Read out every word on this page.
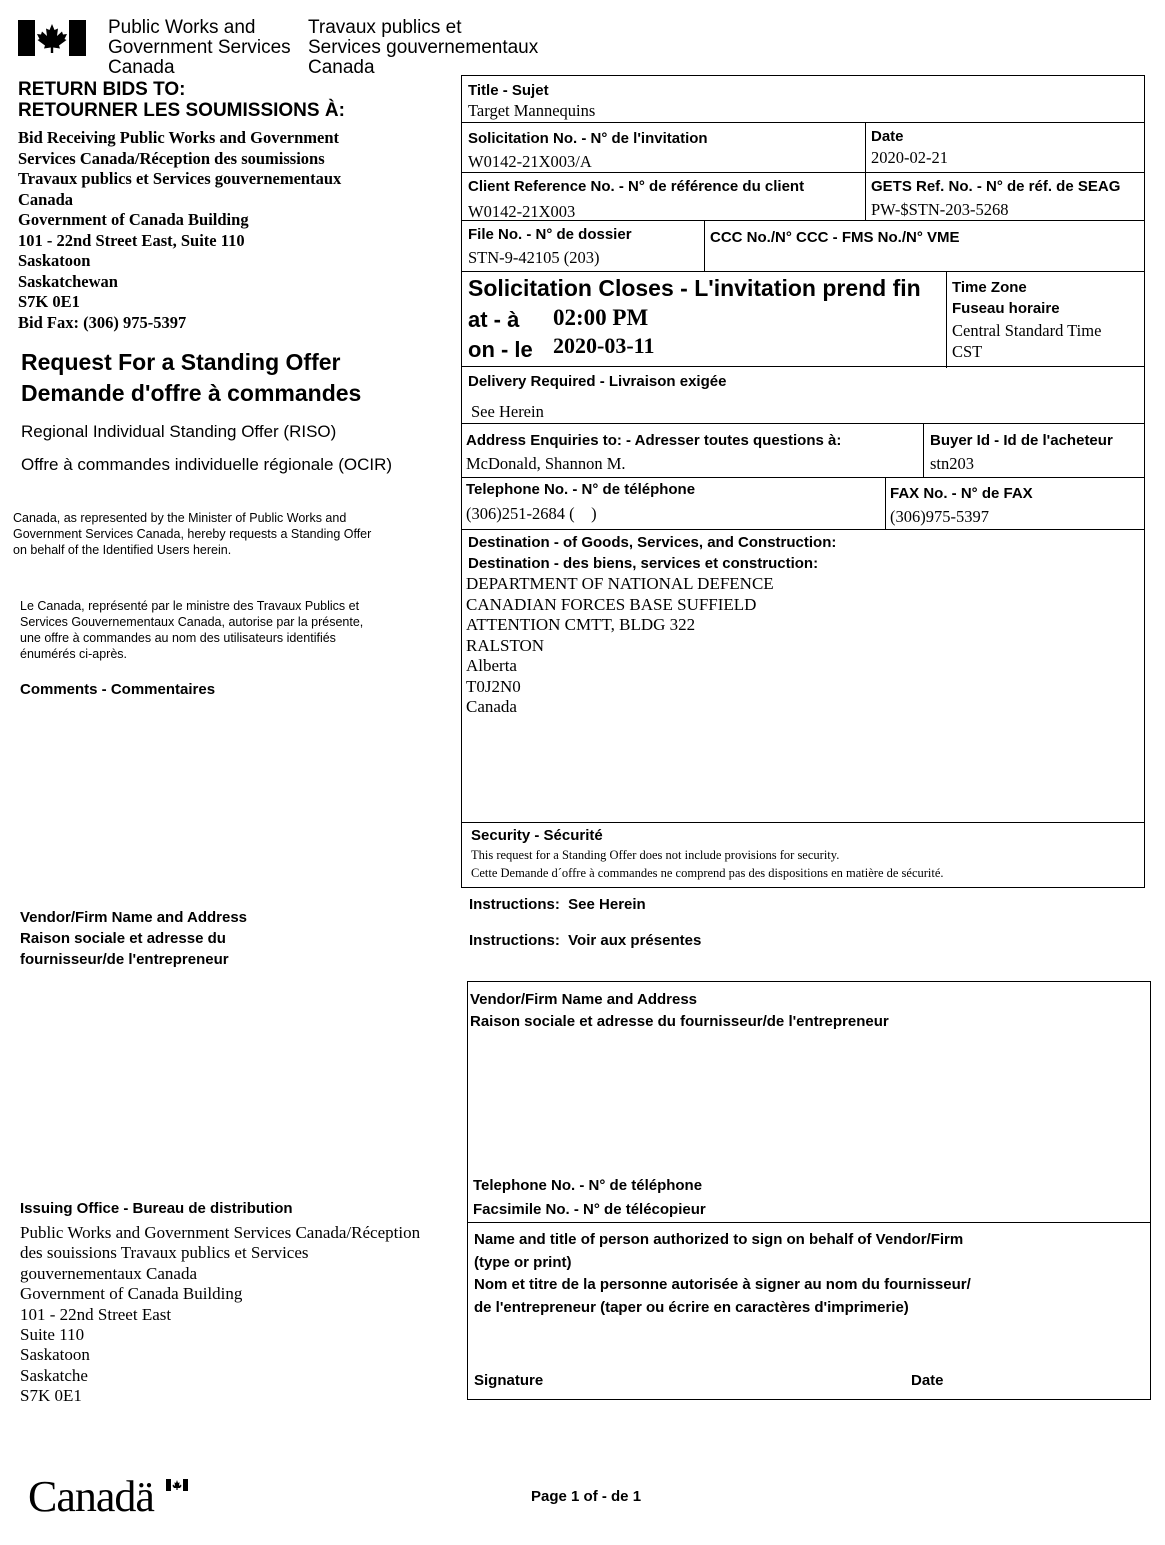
Public Works and
Government Services
Canada
Travaux publics et
Services gouvernementaux
Canada
RETURN BIDS TO:
RETOURNER LES SOUMISSIONS À:
Bid Receiving Public Works and Government
Services Canada/Réception des soumissions
Travaux publics et Services gouvernementaux
Canada
Government of Canada Building
101 - 22nd Street East, Suite 110
Saskatoon
Saskatchewan
S7K 0E1
Bid Fax: (306) 975-5397
Request For a Standing Offer
Demande d'offre à commandes
Regional Individual Standing Offer (RISO)
Offre à commandes individuelle régionale (OCIR)
Canada, as represented by the Minister of Public Works and
Government Services Canada, hereby requests a Standing Offer
on behalf of the Identified Users herein.
Le Canada, représenté par le ministre des Travaux Publics et
Services Gouvernementaux Canada, autorise par la présente,
une offre à commandes au nom des utilisateurs identifiés
énumérés ci-après.
Comments - Commentaires
Vendor/Firm Name and Address
Raison sociale et adresse du
fournisseur/de l'entrepreneur
Issuing Office - Bureau de distribution
Public Works and Government Services Canada/Réception
des souissions Travaux publics et Services
gouvernementaux Canada
Government of Canada Building
101 - 22nd Street East
Suite 110
Saskatoon
Saskatche
S7K 0E1
Title - Sujet
Target Mannequins
Solicitation No. - N° de l'invitation
W0142-21X003/A
Date
2020-02-21
Client Reference No. - N° de référence du client
W0142-21X003
GETS Ref. No. - N° de réf. de SEAG
PW-$STN-203-5268
File No. - N° de dossier
STN-9-42105 (203)
CCC No./N° CCC - FMS No./N° VME
Solicitation Closes - L'invitation prend fin
at - à 02:00 PM
on - le 2020-03-11
Time Zone
Fuseau horaire
Central Standard Time
CST
Delivery Required - Livraison exigée
See Herein
Address Enquiries to: - Adresser toutes questions à:
McDonald, Shannon M.
Buyer Id - Id de l'acheteur
stn203
Telephone No. - N° de téléphone
(306)251-2684 (    )
FAX No. - N° de FAX
(306)975-5397
Destination - of Goods, Services, and Construction:
Destination - des biens, services et construction:
DEPARTMENT OF NATIONAL DEFENCE
CANADIAN FORCES BASE SUFFIELD
ATTENTION CMTT, BLDG 322
RALSTON
Alberta
T0J2N0
Canada
Security - Sécurité
This request for a Standing Offer does not include provisions for security.
Cette Demande d´offre à commandes ne comprend pas des dispositions en matière de sécurité.
Instructions:  See Herein
Instructions:  Voir aux présentes
Vendor/Firm Name and Address
Raison sociale et adresse du fournisseur/de l'entrepreneur
Telephone No. - N° de téléphone
Facsimile No. - N° de télécopieur
Name and title of person authorized to sign on behalf of Vendor/Firm
(type or print)
Nom et titre de la personne autorisée à signer au nom du fournisseur/
de l'entrepreneur (taper ou écrire en caractères d'imprimerie)
Signature	Date
Canadä	Page 1 of - de 1
